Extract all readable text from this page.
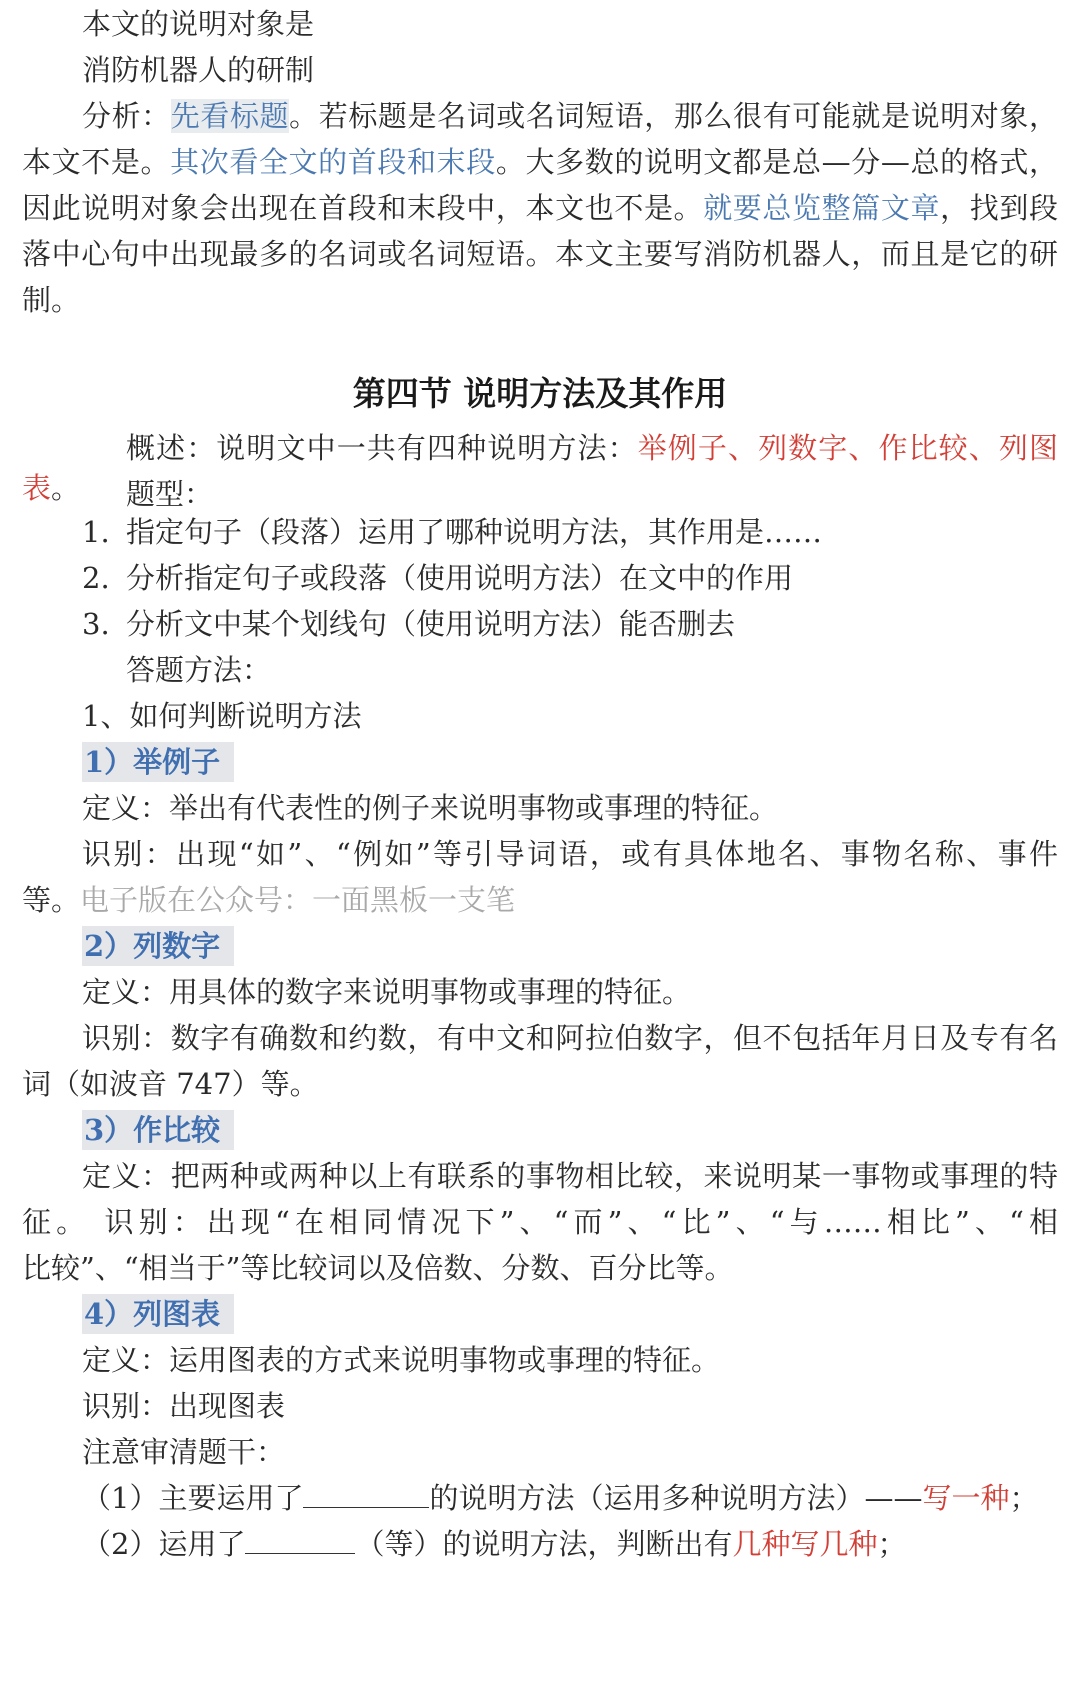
本文的说明对象是
消防机器人的研制
分析：先看标题。若标题是名词或名词短语，那么很有可能就是说明对象，
本文不是。其次看全文的首段和末段。大多数的说明文都是总—分—总的格式，
因此说明对象会出现在首段和末段中，本文也不是。就要总览整篇文章，找到段
落中心句中出现最多的名词或名词短语。本文主要写消防机器人，而且是它的研
制。
第四节 说明方法及其作用
概述：说明文中一共有四种说明方法：举例子、列数字、作比较、列图
表。	题型：
1. 指定句子（段落）运用了哪种说明方法，其作用是……
2. 分析指定句子或段落（使用说明方法）在文中的作用
3. 分析文中某个划线句（使用说明方法）能否删去
答题方法：
1、如何判断说明方法
1）举例子
定义：举出有代表性的例子来说明事物或事理的特征。
识别：出现“如”、“例如”等引导词语，或有具体地名、事物名称、事件
等。电子版在公众号：一面黑板一支笔
2）列数字
定义：用具体的数字来说明事物或事理的特征。
识别：数字有确数和约数，有中文和阿拉伯数字，但不包括年月日及专有名
词（如波音 747）等。
3）作比较
定义：把两种或两种以上有联系的事物相比较，来说明某一事物或事理的特
征。 识别：出现“在相同情况下”、“而”、“比”、“与……相比”、“相
比较”、“相当于”等比较词以及倍数、分数、百分比等。
4）列图表
定义：运用图表的方式来说明事物或事理的特征。
识别：出现图表
注意审清题干：
（1）主要运用了	的说明方法（运用多种说明方法）——写一种；
（2）运用了	（等）的说明方法，判断出有几种写几种；
